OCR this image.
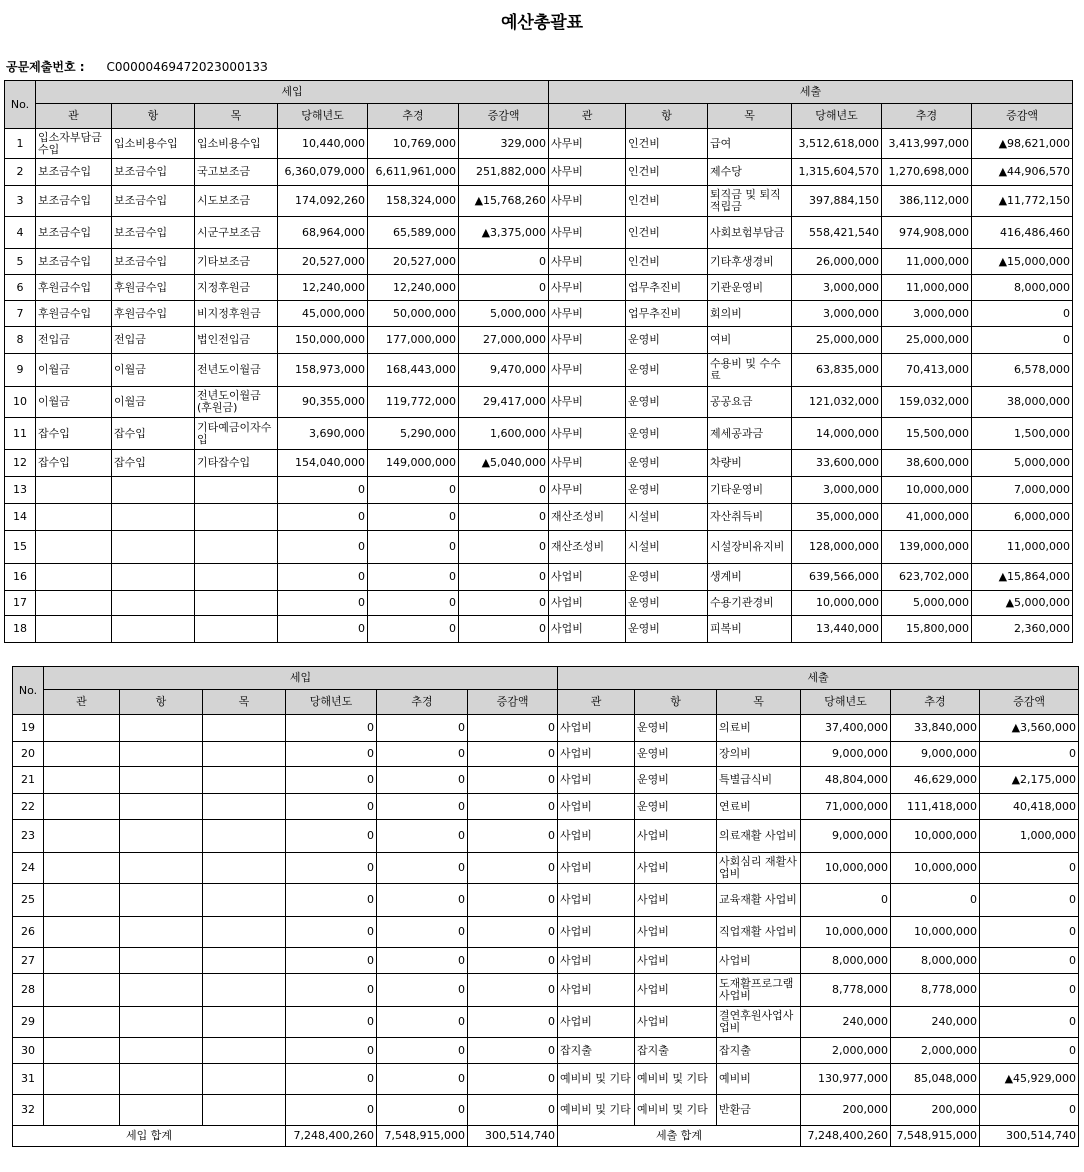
예산총괄표
공문제출번호 : C0000046947202300013З
No.	세입						세출					
	관	항	목	당해년도	추경	증감액	관	항	목	당해년도	추경	증감액
1	입소자부담금수입	입소비용수입	입소비용수입	10,440,000	10,769,000	329,000	사무비	인건비	급여	3,512,618,000	3,413,997,000	▲98,621,000
2	보조금수입	보조금수입	국고보조금	6,360,079,000	6,611,961,000	251,882,000	사무비	인건비	제수당	1,315,604,570	1,270,698,000	▲44,906,570
3	보조금수입	보조금수입	시도보조금	174,092,260	158,324,000	▲15,768,260	사무비	인건비	퇴직금 및 퇴직적립금	397,884,150	386,112,000	▲11,772,150
4	보조금수입	보조금수입	시군구보조금	68,964,000	65,589,000	▲3,375,000	사무비	인건비	사회보험부담금	558,421,540	974,908,000	416,486,460
5	보조금수입	보조금수입	기타보조금	20,527,000	20,527,000	0	사무비	인건비	기타후생경비	26,000,000	11,000,000	▲15,000,000
6	후원금수입	후원금수입	지정후원금	12,240,000	12,240,000	0	사무비	업무추진비	기관운영비	3,000,000	11,000,000	8,000,000
7	후원금수입	후원금수입	비지정후원금	45,000,000	50,000,000	5,000,000	사무비	업무추진비	회의비	3,000,000	3,000,000	0
8	전입금	전입금	법인전입금	150,000,000	177,000,000	27,000,000	사무비	운영비	여비	25,000,000	25,000,000	0
9	이월금	이월금	전년도이월금	158,973,000	168,443,000	9,470,000	사무비	운영비	수용비 및 수수료	63,835,000	70,413,000	6,578,000
10	이월금	이월금	전년도이월금(후원금)	90,355,000	119,772,000	29,417,000	사무비	운영비	공공요금	121,032,000	159,032,000	38,000,000
11	잡수입	잡수입	기타예금이자수입	3,690,000	5,290,000	1,600,000	사무비	운영비	제세공과금	14,000,000	15,500,000	1,500,000
12	잡수입	잡수입	기타잡수입	154,040,000	149,000,000	▲5,040,000	사무비	운영비	차량비	33,600,000	38,600,000	5,000,000
13				0	0	0	사무비	운영비	기타운영비	3,000,000	10,000,000	7,000,000
14				0	0	0	재산조성비	시설비	자산취득비	35,000,000	41,000,000	6,000,000
15				0	0	0	재산조성비	시설비	시설장비유지비	128,000,000	139,000,000	11,000,000
16				0	0	0	사업비	운영비	생계비	639,566,000	623,702,000	▲15,864,000
17				0	0	0	사업비	운영비	수용기관경비	10,000,000	5,000,000	▲5,000,000
18				0	0	0	사업비	운영비	피복비	13,440,000	15,800,000	2,360,000
No.	세입						세출					
	관	항	목	당해년도	추경	증감액	관	항	목	당해년도	추경	증감액
19				0	0	0	사업비	운영비	의료비	37,400,000	33,840,000	▲3,560,000
20				0	0	0	사업비	운영비	장의비	9,000,000	9,000,000	0
21				0	0	0	사업비	운영비	특별급식비	48,804,000	46,629,000	▲2,175,000
22				0	0	0	사업비	운영비	연료비	71,000,000	111,418,000	40,418,000
23				0	0	0	사업비	사업비	의료재활 사업비	9,000,000	10,000,000	1,000,000
24				0	0	0	사업비	사업비	사회심리 재활사업비	10,000,000	10,000,000	0
25				0	0	0	사업비	사업비	교육재활 사업비	0	0	0
26				0	0	0	사업비	사업비	직업재활 사업비	10,000,000	10,000,000	0
27				0	0	0	사업비	사업비	사업비	8,000,000	8,000,000	0
28				0	0	0	사업비	사업비	도재활프로그램사업비	8,778,000	8,778,000	0
29				0	0	0	사업비	사업비	결연후원사업사업비	240,000	240,000	0
30				0	0	0	잡지출	잡지출	잡지출	2,000,000	2,000,000	0
31				0	0	0	예비비 및 기타	예비비 및 기타	예비비	130,977,000	85,048,000	▲45,929,000
32				0	0	0	예비비 및 기타	예비비 및 기타	반환금	200,000	200,000	0
세입 합계				7,248,400,260	7,548,915,000	300,514,740	세출 합계			7,248,400,260	7,548,915,000	300,514,740
